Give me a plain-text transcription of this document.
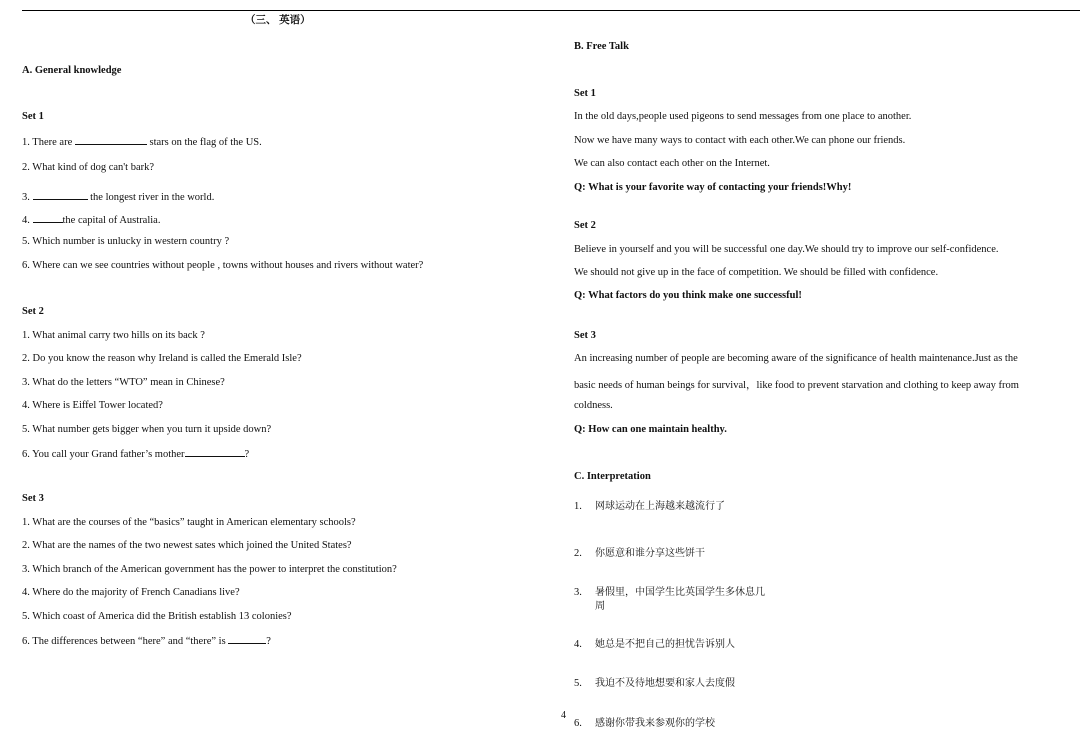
（三、 英语）
A. General knowledge
Set 1
1. There are	stars on the flag of the US.
2. What kind of dog can't bark?
3.	the longest river in the world.
4.	the capital of Australia.
5. Which number is unlucky in western country ?
6. Where can we see countries without people , towns without houses and rivers without water?
Set 2
1. What animal carry two hills on its back ?
2. Do you know the reason why Ireland is called the Emerald Isle?
3. What do the letters “WTO” mean in Chinese?
4. Where is Eiffel Tower located?
5. What number gets bigger when you turn it upside down?
6. You call your Grand father’s mother	?
Set 3
1. What are the courses of the “basics” taught in American elementary schools?
2. What are the names of the two newest sates which joined the United States?
3. Which branch of the American government has the power to interpret the constitution?
4. Where do the majority of French Canadians live?
5. Which coast of America did the British establish 13 colonies?
6. The differences between “here” and “there” is	?
B. Free Talk
Set 1
In the old days,people used pigeons to send messages from one place to another.
Now we have many ways to contact with each other.We can phone our friends.
We can also contact each other on the Internet.
Q: What is your favorite way of contacting your friends!Why!
Set 2
Believe in yourself and you will be successful one day.We should try to improve our self-confidence.
We should not give up in the face of competition. We should be filled with confidence.
Q: What factors do you think make one successful!
Set 3
An increasing number of people are becoming aware of the significance of health maintenance.Just as the
basic needs of human beings for survival，like food to prevent starvation and clothing to keep away from
coldness.
Q: How can one maintain healthy.
C. Interpretation
1. 网球运动在上海越来越流行了
2. 你愿意和谁分享这些饼干
3. 暑假里，中国学生比英国学生多休息几
周
4. 她总是不把自己的担忧告诉别人
5. 我迫不及待地想要和家人去度假
6. 感谢你带我来参观你的学校
4
